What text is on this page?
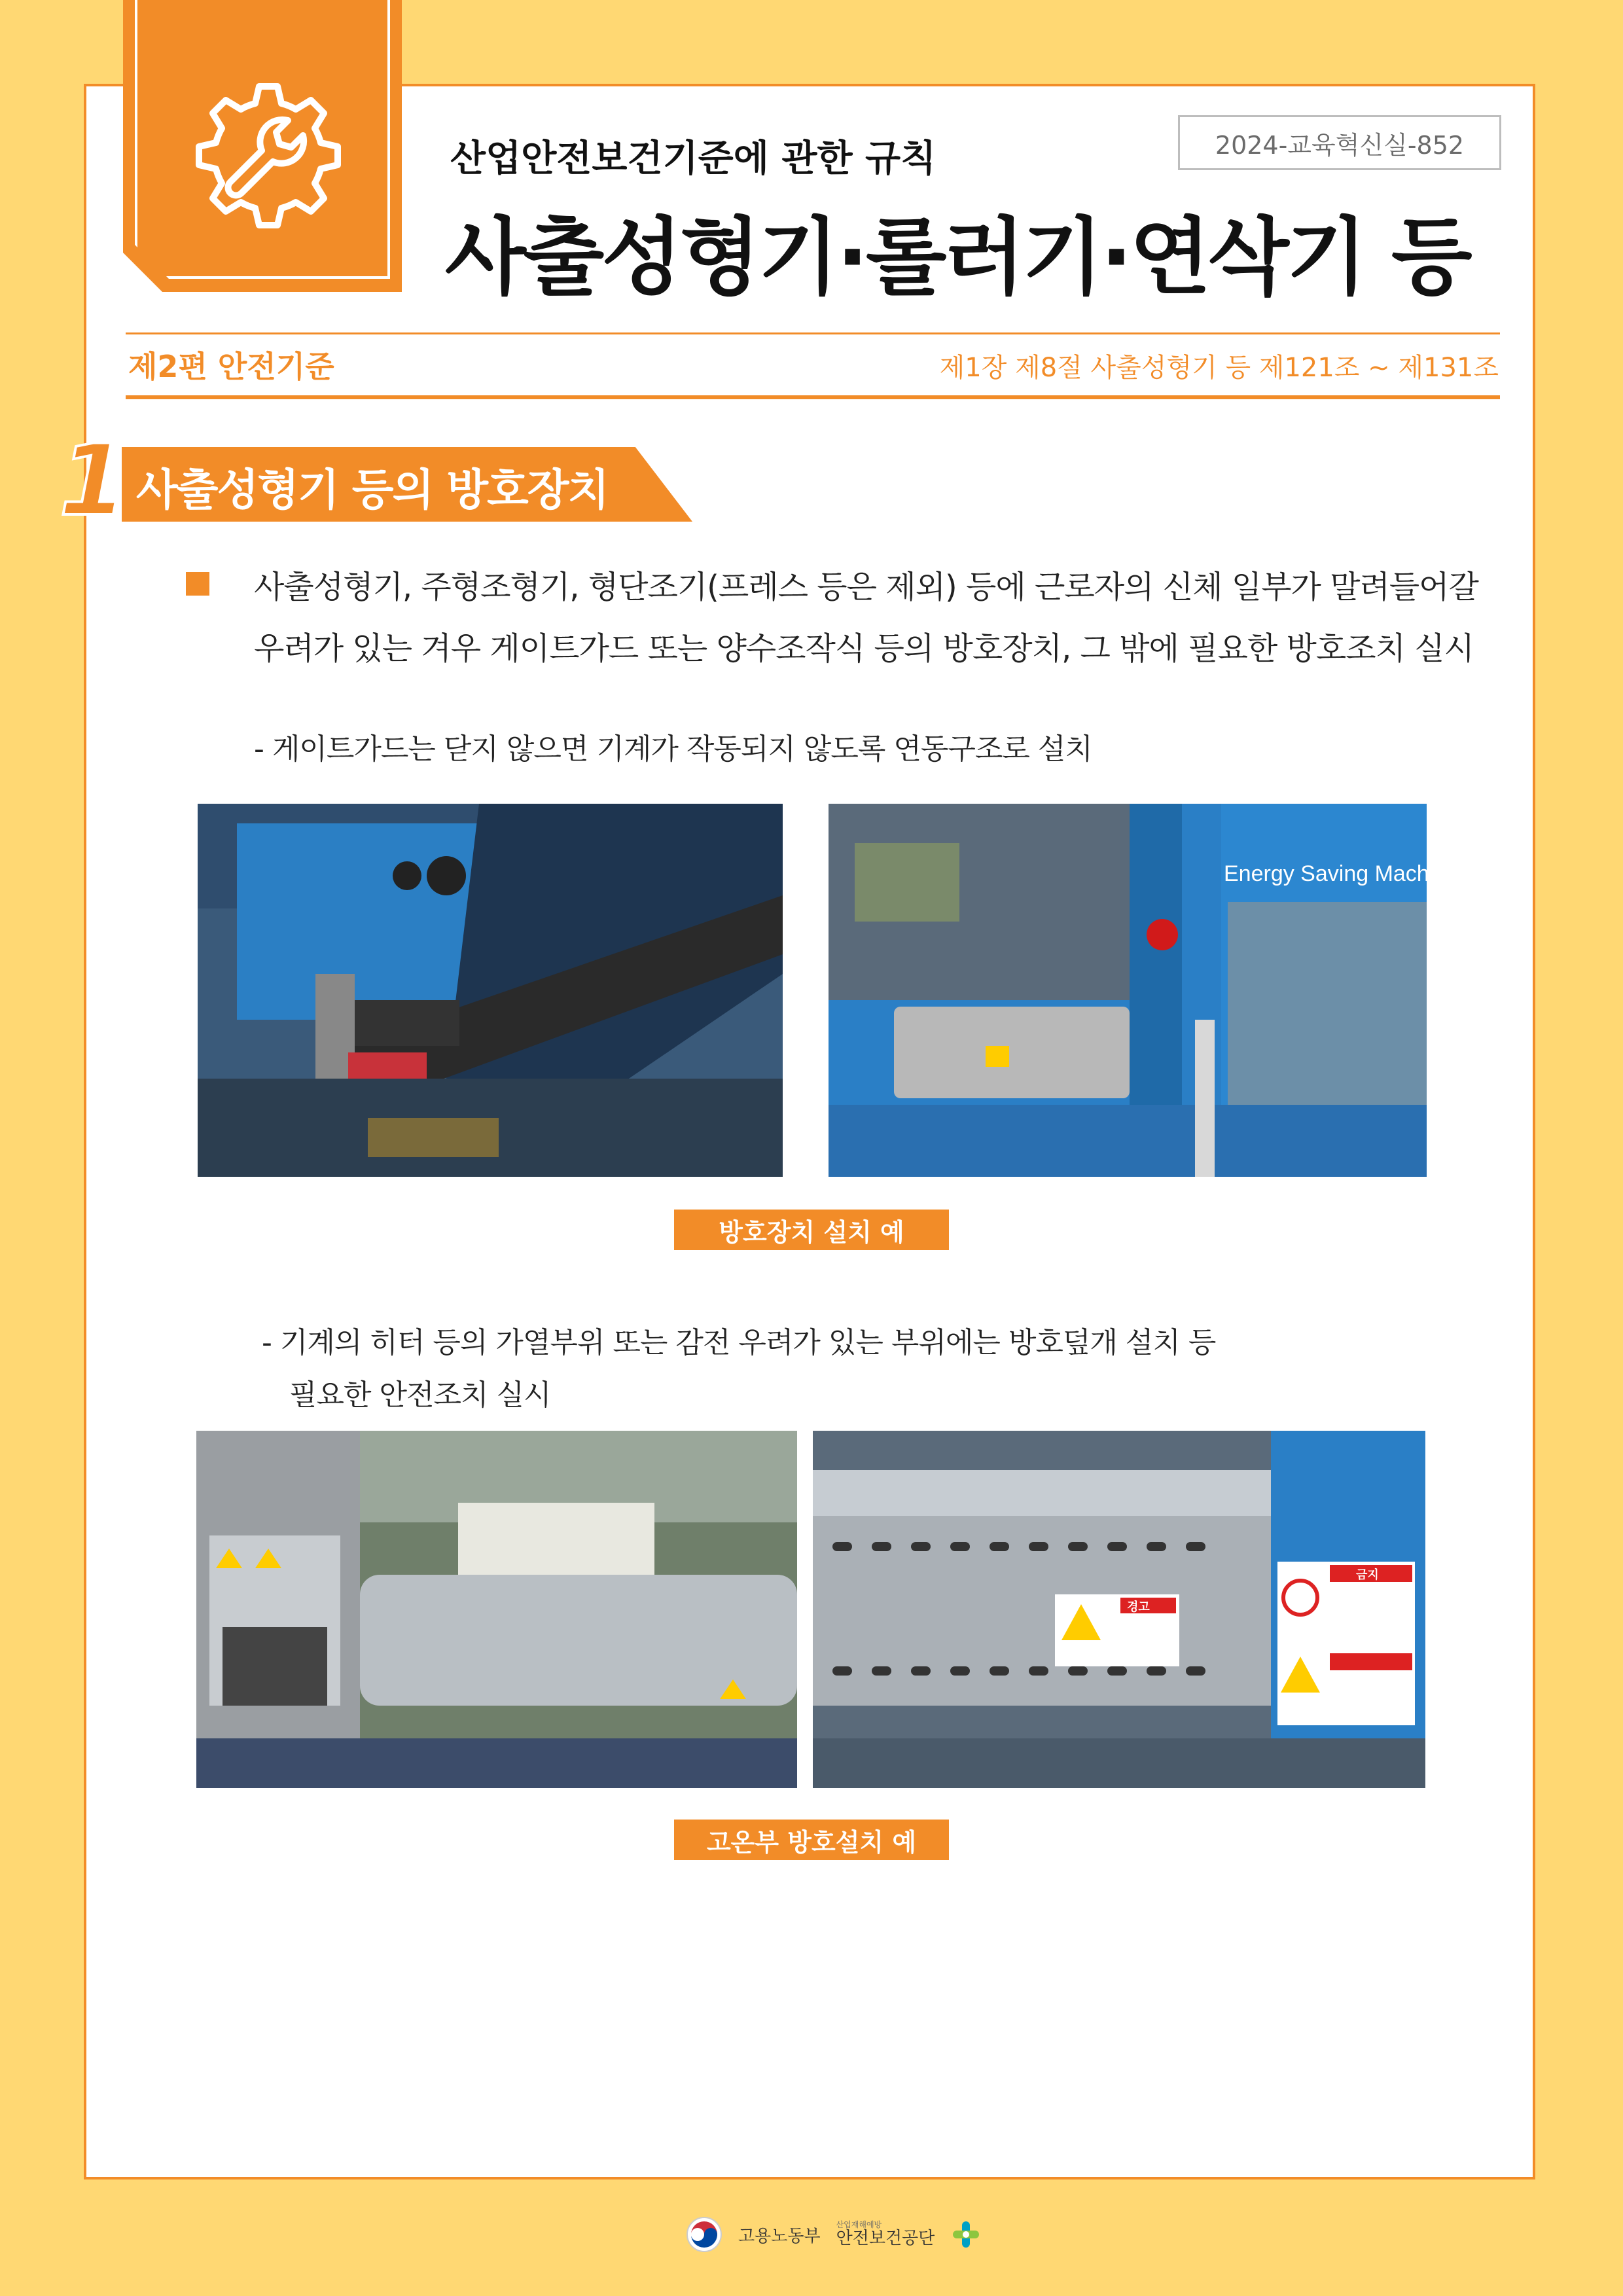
2024-교육혁신실-852
산업안전보건기준에 관한 규칙
사출성형기·롤러기·연삭기 등
제2편 안전기준	제1장 제8절 사출성형기 등 제121조 ~ 제131조
1 사출성형기 등의 방호장치
사출성형기, 주형조형기, 형단조기(프레스 등은 제외) 등에 근로자의 신체 일부가 말려들어갈
우려가 있는 겨우 게이트가드 또는 양수조작식 등의 방호장치, 그 밖에 필요한 방호조치 실시
- 게이트가드는 닫지 않으면 기계가 작동되지 않도록 연동구조로 설치
Energy Saving Machine
방호장치 설치 예
- 기계의 히터 등의 가열부위 또는 감전 우려가 있는 부위에는 방호덮개 설치 등
필요한 안전조치 실시
경고
금지
고온부 방호설치 예
고용노동부
산업재해예방
안전보건공단
